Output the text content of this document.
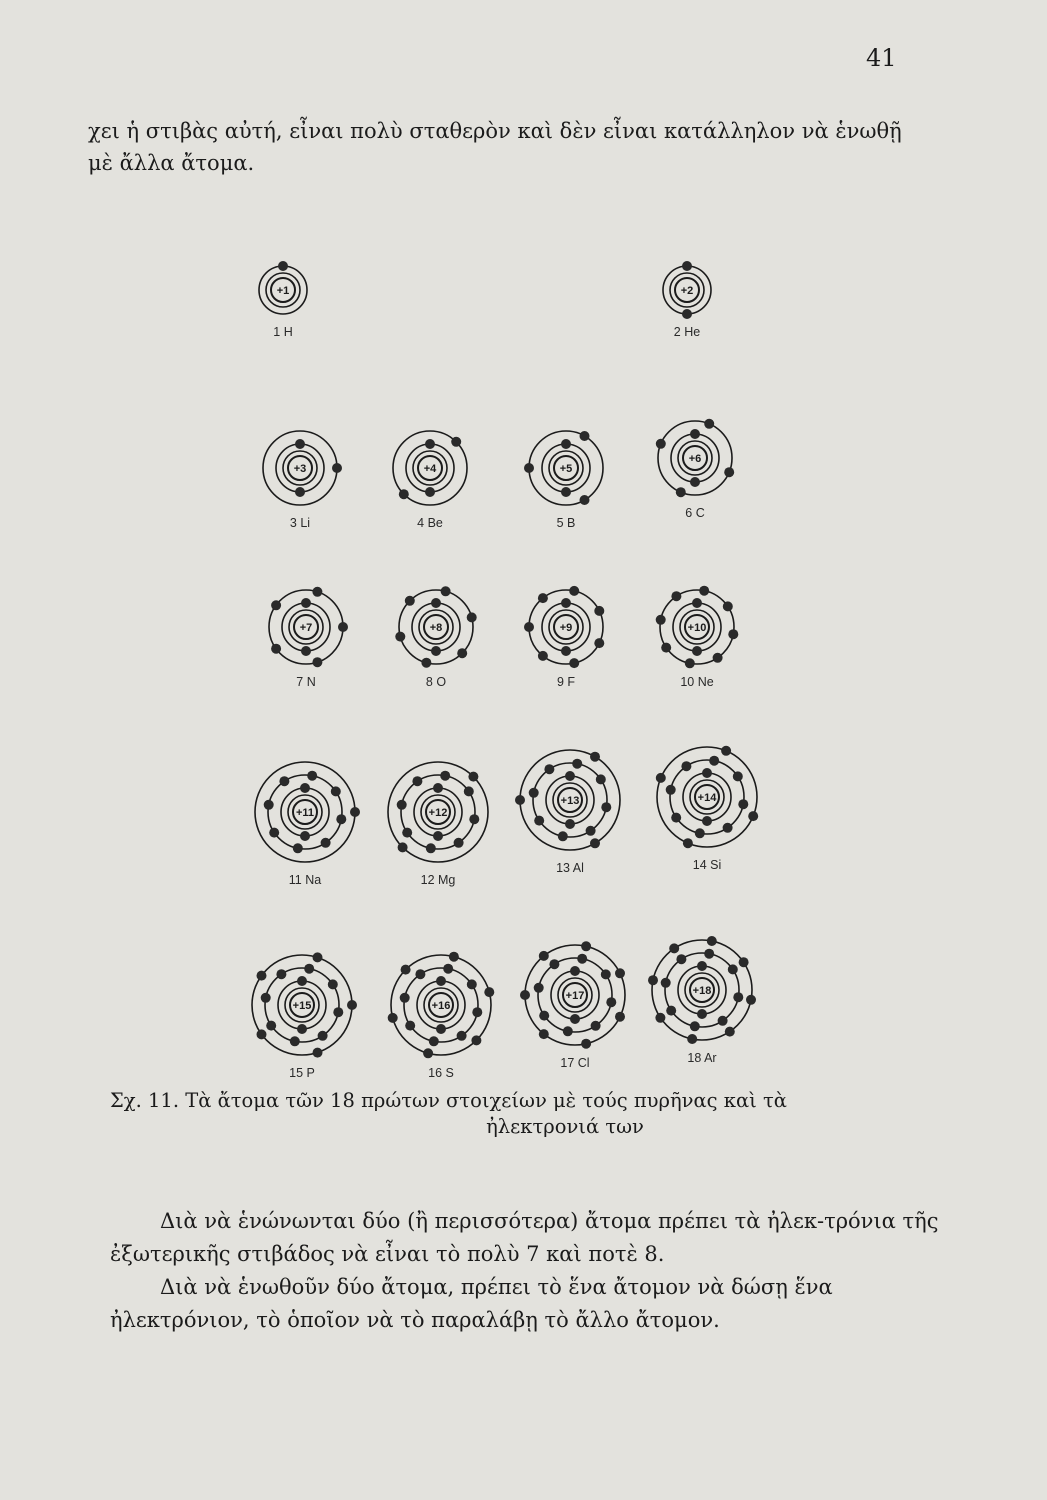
41
χει ἡ στιβὰς αὐτή, εἶναι πολὺ σταθερὸν καὶ δὲν εἶναι κατάλληλον νὰ ἑνωθῇ μὲ ἄλλα ἄτομα.
+1
1 H
+2
2 He
+3
3 Li
+4
4 Be
+5
5 B
+6
6 C
+7
7 N
+8
8 O
+9
9 F
+10
10 Ne
+11
11 Na
+12
12 Mg
+13
13 Al
+14
14 Si
+15
15 P
+16
16 S
+17
17 Cl
+18
18 Ar
Σχ. 11. Τὰ ἄτομα τῶν 18 πρώτων στοιχείων μὲ τούς πυρῆνας καὶ τὰ
ἠλεκτρονιά των
Διὰ νὰ ἑνώνωνται δύο (ἢ περισσότερα) ἄτομα πρέπει τὰ ἠλεκ-τρόνια τῆς ἐξωτερικῆς στιβάδος νὰ εἶναι τὸ πολὺ 7 καὶ ποτὲ 8.
Διὰ νὰ ἑνωθοῦν δύο ἄτομα, πρέπει τὸ ἕνα ἄτομον νὰ δώσῃ ἕνα ἠλεκτρόνιον, τὸ ὁποῖον νὰ τὸ παραλάβῃ τὸ ἄλλο ἄτομον.
